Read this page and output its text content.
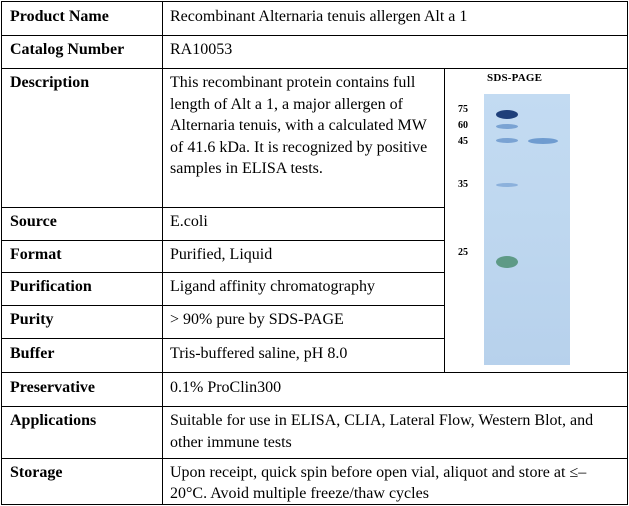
Product Name	Recombinant Alternaria tenuis allergen Alt a 1
Catalog Number	RA10053
Description	This recombinant protein contains full length of Alt a 1, a major allergen of Alternaria tenuis, with a calculated MW of 41.6 kDa. It is recognized by positive samples in ELISA tests.
Source	E.coli
Format	Purified, Liquid
Purification	Ligand affinity chromatography
Purity	> 90% pure by SDS-PAGE
Buffer	Tris-buffered saline, pH 8.0
Preservative	0.1% ProClin300
Applications	Suitable for use in ELISA, CLIA, Lateral Flow, Western Blot, and other immune tests
Storage	Upon receipt, quick spin before open vial, aliquot and store at ≤–20°C. Avoid multiple freeze/thaw cycles
SDS-PAGE
75
60
45
35
25
